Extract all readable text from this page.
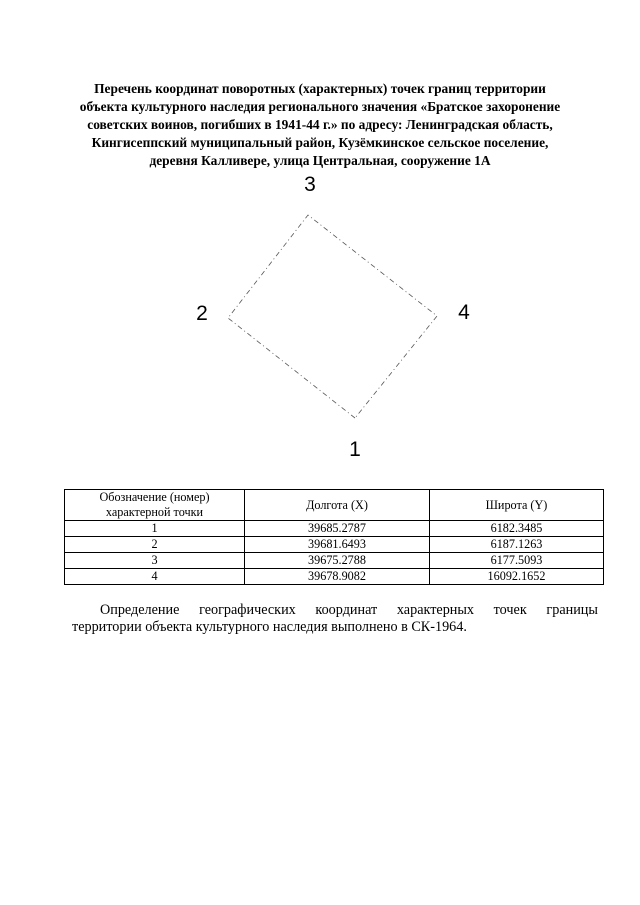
Перечень координат поворотных (характерных) точек границ территории
объекта культурного наследия регионального значения «Братское захоронение
советских воинов, погибших в 1941-44 г.» по адресу: Ленинградская область,
Кингисеппский муниципальный район, Кузёмкинское сельское поселение,
деревня Калливере, улица Центральная, сооружение 1А
1
2
3
4
Обозначение (номер) характерной точки	Долгота (X)	Широта (Y)
1	39685.2787	6182.3485
2	39681.6493	6187.1263
3	39675.2788	6177.5093
4	39678.9082	16092.1652
Определение географических координат характерных точек границы
территории объекта культурного наследия выполнено в СК-1964.
